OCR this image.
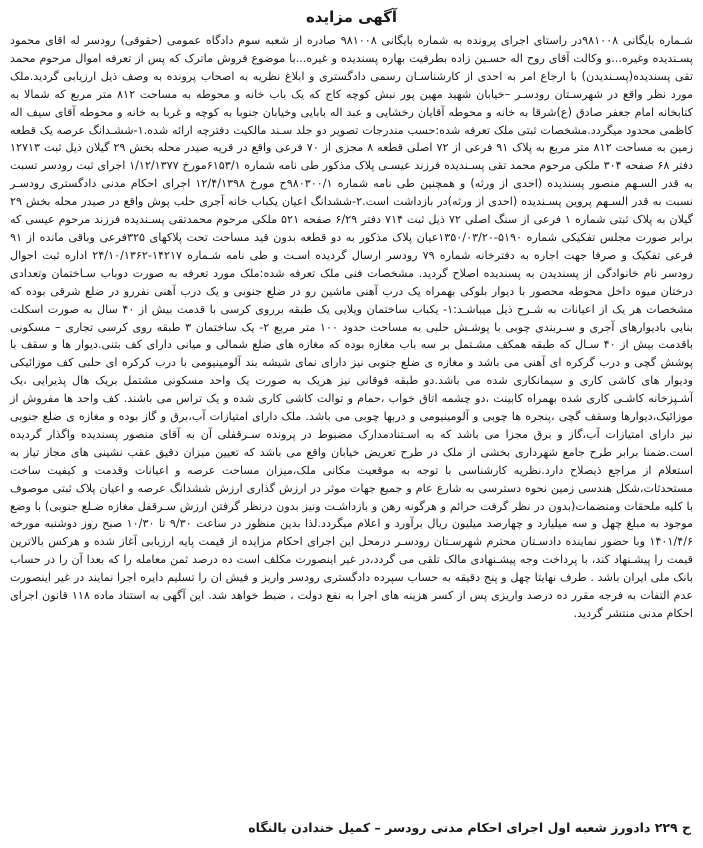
آگهی مزایده

شـماره بایگانی ۹۸۱۰۰۸در راستای اجرای پرونده به شماره بایگانی ۹۸۱۰۰۸ صادره از شعبه سوم دادگاه عمومی (حقوقی) رودسر له اقای محمود پسـندیده وغیره...و وکالت آقای روح اله حسـین زاده بطرفیت بهاره پسندیده و غیره...با موضوع فروش ماترک که پس از تعرفه اموال مرحوم محمد تقی پسندیده(پسـندیدن) با ارجاع امر به احدی از کارشناسـان رسمی دادگستری و ابلاغ نظریه به اصحاب پرونده به وصف ذیل ارزیابی گردید.ملک مورد نظر واقع در شهرسـتان رودسـر –خیابان شهید مهین پور نبش کوچه کاج که یک باب خانه و محوطه به مساحت ۸۱۲ متر مربع که شمالا به کتابخانه امام جعفر صادق (ع)شرقا به خانه و محوطه آقایان رخشایی و عبد اله بابایی وخیابان جنوبا به کوچه و غربا به خانه و محوطه آقای سیف اله کاظمی محدود میگردد.مشخصات ثبتی ملک تعرفه شده:حسب مندرجات تصویر دو جلد سـند مالکیت دفترچه ارائه شده.۱-ششـدانگ عرصه یک قطعه زمین به مساحت ۸۱۲ متر مربع به پلاک ۹۱ فرعی از ۷۲ اصلی قطعه ۸ مجزی از ۷۰ فرعی واقع در قریه صیدر محله بخش ۲۹ گیلان ذیل ثبت ۱۲۷۱۳ دفتر ۶۸ صفحه ۳۰۴ ملکی مرحوم محمد تقی پسـندیده فرزند عیسـی پلاک مذکور طی نامه شماره ۶۱۵۳/۱مورخ ۱/۱۲/۱۳۷۷ اجرای ثبت رودسر تسبت به قدر السـهم منصور پسندیده (احدی از ورثه) و همچنین طی نامه شماره ۹۸۰۳۰۰/۱ح مورخ ۱۲/۴/۱۳۹۸ اجرای احکام مدنی دادگستری رودسـر نسبت به قدر السـهم پروین پسـندیده (احدی از ورثه)در بازداشت است.۲-ششدانگ اعیان یکباب خانه آجری حلب پوش واقع در صیدر محله بخش ۲۹ گیلان به پلاک ثبتی شماره ۱ فرعی از سنگ اصلی ۷۲ ذیل ثبت ۷۱۴ دفتر ۶/۲۹ صفحه ۵۲۱ ملکی مرحوم محمدتقی پسـندیده فرزند مرحوم عیسی که برابر صورت مجلس تفکیکی شماره ۵۱۹۰-۱۳۵۰/۰۳/۲۰عیان پلاک مذکور به دو قطعه بدون قید مساحت تحت پلاکهای ۳۲۵فرعی وباقی مانده از ۹۱ فرعی تفکیک و صرفا جهت اجاره به دفترخانه شماره ۷۹ رودسر ارسال گردیده اسـت و طی نامه شـماره ۱۴۲۱۷-۲۴/۱۰/۱۳۶۲ اداره ثبت احوال رودسر نام خانوادگی از پسندیدن به پسندیده اصلاح گردید. مشخصات فنی ملک تعرفه شده:ملک مورد تعرفه به صورت دوباب سـاختمان وتعدادی درختان میوه داخل محوطه محصور با دیوار بلوکی بهمراه یک درب آهنی ماشین رو در ضلع جنوبی و یک درب آهنی نفررو در ضلع شرقی بوده که مشخصات هر یک از اعیانات به شـرح ذیل میباشـد:۱- یکباب ساختمان ویلایی یک طبقه برروی کرسی با قدمت بیش از ۴۰ سال به صورت اسکلت بنایی بادیوارهای آجری و سـربندی چوبی با پوشـش حلبی به مساحت حدود ۱۰۰ متر مربع ۲- یک ساختمان ۳ طبقه روی کرسی تجاری – مسکونی باقدمت بیش از ۴۰ سـال که طبقه همکف مشـتمل بر سه باب مغازه بوده که مغازه های ضلع شمالی و میانی دارای کف بتنی.دیوار ها و سقف با پوشش گچی و درب گرکره ای آهنی می باشد و مغازه ی ضلع جنوبی نیز دارای نمای شیشه بند آلومینیومی با درب کرکره ای حلبی کف موزائیکی ودیوار های کاشی کاری و سیمانکاری شده می باشد.دو طبقه فوقانی نیز هریک به صورت یک واحد مسکونی مشتمل بریک هال پذیرایی ،یک آشـپزخانه کاشـی کاری شده بهمراه کابینت ،دو چشمه اتاق خواب ،حمام و توالت کاشی کاری شده و یک تراس می باشند. کف واحد ها مفروش از موزائیک،دیوارها وسقف گچی ،پنجره ها چوبی و آلومینیومی و دربها چوبی می باشد. ملک دارای امتیازات آب،برق و گاز بوده و مغازه ی ضلع جنوبی نیز دارای امتیازات آب،گاز و برق مجزا می باشد که به اسـتنادمدارک مضبوط در پرونده سـرقفلی آن به آقای منصور پسندیده واگذار گردیده است.ضمنا برابر طرح جامع شهرداری بخشی از ملک در طرح تعریض خیابان واقع می باشد که تعیین میزان دقیق عقب نشینی های مجاز تیاز به استعلام از مراجع ذیصلاح دارد.نظریه کارشناسی با توجه به موقعیت مکانی ملک،میزان مساحت عرصه و اعیانات وقدمت و کیفیت ساخت مستحدثات،شکل هندسی زمین نحوه دسترسی به شارع عام و جمیع جهات موثر در ارزش گذاری ارزش ششدانگ عرصه و اعیان پلاک ثبتی موصوف با کلیه ملحقات ومنضمات(بدون در نظر گرفت حرائم و هرگونه رهن و بازداشـت ونیز بدون درنظر گرفتن ارزش سـرقفل مغازه ضـلع جنوبی) با وضع موجود به مبلغ چهل و سه میلیارد و چهارصد میلیون ریال برآورد و اعلام میگردد.لذا بدین منظور در ساعت ۹/۳۰ تا ۱۰/۳۰ صبح روز دوشنبه مورخه ۱۴۰۱/۴/۶ وبا حضور نماینده دادسـتان محترم شهرسـتان رودسـر درمحل این اجرای احکام مزایده از قیمت پایه ارزیابی آغاز شده و هرکس بالاترین قیمت را پیشـنهاد کند، با پرداخت وجه پیشـنهادی مالک تلقی می گردد،در غیر اینصورت مکلف است ده درصد ثمن معامله را که بعدا آن را در حساب بانک ملی ایران باشد . طرف نهایتا چهل و پنج دقیقه به حساب سپرده دادگستری رودسر واریز و فیش ان را تسلیم دایره اجرا نمایند در غیر اینصورت عدم التفات به فرجه مقرر ده درصد واریزی پس از کسر هزینه های اجرا به نفع دولت ، ضبط خواهد شد. این آگهی به استناد ماده ۱۱۸ قانون اجرای احکام مدنی منتشر گردید.

ح ۲۲۹ دادورز شعبه اول اجرای احکام مدنی رودسر – کمیل خندادن بالنگاه
